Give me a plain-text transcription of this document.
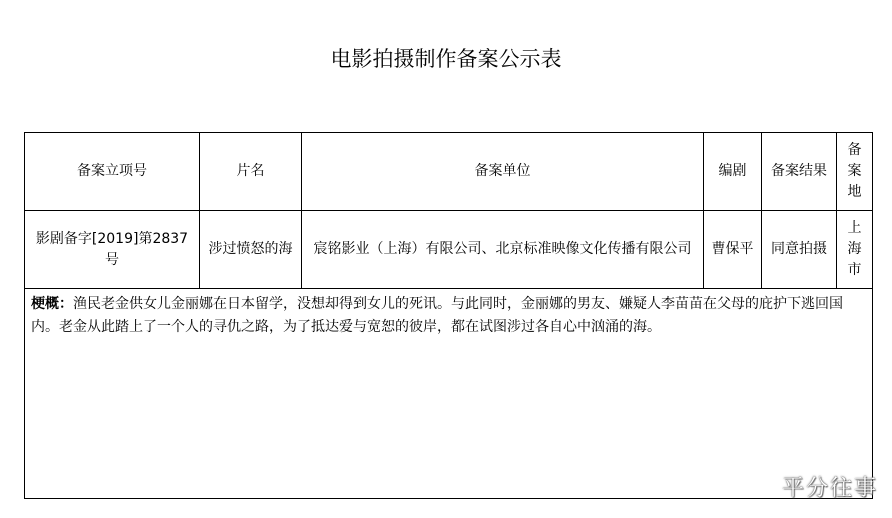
电影拍摄制作备案公示表
备案立项号	片名	备案单位	编剧	备案结果	备案地
影剧备字[2019]第2837号	涉过愤怒的海	宸铭影业（上海）有限公司、北京标准映像文化传播有限公司	曹保平	同意拍摄	上海市
梗概：渔民老金供女儿金丽娜在日本留学，没想却得到女儿的死讯。与此同时，金丽娜的男友、嫌疑人李苗苗在父母的庇护下逃回国内。老金从此踏上了一个人的寻仇之路，为了抵达爱与宽恕的彼岸，都在试图涉过各自心中汹涌的海。					
平分往事
